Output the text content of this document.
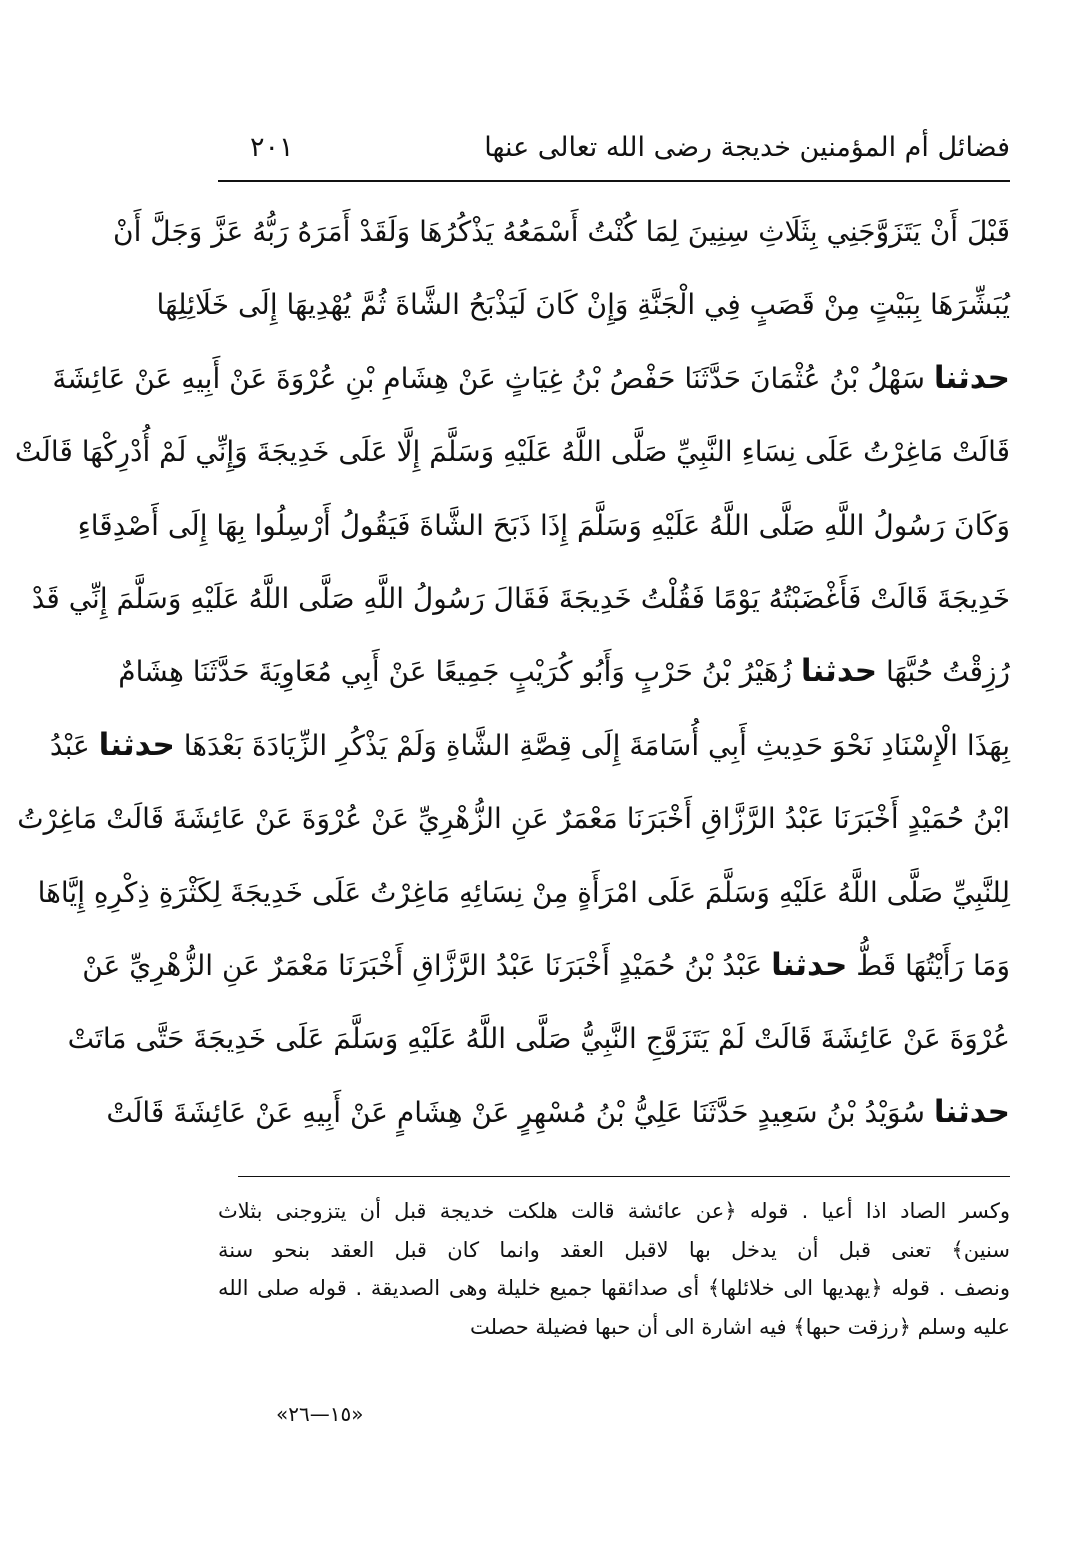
فضائل أم المؤمنين خديجة رضى الله تعالى عنها
٢٠١
قَبْلَ أَنْ يَتَزَوَّجَنِي بِثَلَاثِ سِنِينَ لِمَا كُنْتُ أَسْمَعُهُ يَذْكُرُهَا وَلَقَدْ أَمَرَهُ رَبُّهُ عَزَّ وَجَلَّ أَنْ
يُبَشِّرَهَا بِبَيْتٍ مِنْ قَصَبٍ فِي الْجَنَّةِ وَإِنْ كَانَ لَيَذْبَحُ الشَّاةَ ثُمَّ يُهْدِيهَا إِلَى خَلَائِلِهَا
حدثنا سَهْلُ بْنُ عُثْمَانَ حَدَّثَنَا حَفْصُ بْنُ غِيَاثٍ عَنْ هِشَامِ بْنِ عُرْوَةَ عَنْ أَبِيهِ عَنْ عَائِشَةَ
قَالَتْ مَاغِرْتُ عَلَى نِسَاءِ النَّبِيِّ صَلَّى اللَّهُ عَلَيْهِ وَسَلَّمَ إِلَّا عَلَى خَدِيجَةَ وَإِنِّي لَمْ أُدْرِكْهَا قَالَتْ
وَكَانَ رَسُولُ اللَّهِ صَلَّى اللَّهُ عَلَيْهِ وَسَلَّمَ إِذَا ذَبَحَ الشَّاةَ فَيَقُولُ أَرْسِلُوا بِهَا إِلَى أَصْدِقَاءِ
خَدِيجَةَ قَالَتْ فَأَغْضَبْتُهُ يَوْمًا فَقُلْتُ خَدِيجَةَ فَقَالَ رَسُولُ اللَّهِ صَلَّى اللَّهُ عَلَيْهِ وَسَلَّمَ إِنِّي قَدْ
رُزِقْتُ حُبَّهَا حدثنا زُهَيْرُ بْنُ حَرْبٍ وَأَبُو كُرَيْبٍ جَمِيعًا عَنْ أَبِي مُعَاوِيَةَ حَدَّثَنَا هِشَامٌ
بِهَذَا الْإِسْنَادِ نَحْوَ حَدِيثِ أَبِي أُسَامَةَ إِلَى قِصَّةِ الشَّاةِ وَلَمْ يَذْكُرِ الزِّيَادَةَ بَعْدَهَا حدثنا عَبْدُ
ابْنُ حُمَيْدٍ أَخْبَرَنَا عَبْدُ الرَّزَّاقِ أَخْبَرَنَا مَعْمَرٌ عَنِ الزُّهْرِيِّ عَنْ عُرْوَةَ عَنْ عَائِشَةَ قَالَتْ مَاغِرْتُ
لِلنَّبِيِّ صَلَّى اللَّهُ عَلَيْهِ وَسَلَّمَ عَلَى امْرَأَةٍ مِنْ نِسَائِهِ مَاغِرْتُ عَلَى خَدِيجَةَ لِكَثْرَةِ ذِكْرِهِ إِيَّاهَا
وَمَا رَأَيْتُهَا قَطُّ حدثنا عَبْدُ بْنُ حُمَيْدٍ أَخْبَرَنَا عَبْدُ الرَّزَّاقِ أَخْبَرَنَا مَعْمَرٌ عَنِ الزُّهْرِيِّ عَنْ
عُرْوَةَ عَنْ عَائِشَةَ قَالَتْ لَمْ يَتَزَوَّجِ النَّبِيُّ صَلَّى اللَّهُ عَلَيْهِ وَسَلَّمَ عَلَى خَدِيجَةَ حَتَّى مَاتَتْ
حدثنا سُوَيْدُ بْنُ سَعِيدٍ حَدَّثَنَا عَلِيُّ بْنُ مُسْهِرٍ عَنْ هِشَامٍ عَنْ أَبِيهِ عَنْ عَائِشَةَ قَالَتْ
وكسر الصاد اذا أعيا . قوله ﴿عن عائشة قالت هلكت خديجة قبل أن يتزوجنى بثلاث
سنين﴾ تعنى قبل أن يدخل بها لاقبل العقد وانما كان قبل العقد بنحو سنة
ونصف . قوله ﴿يهديها الى خلائلها﴾ أى صدائقها جميع خليلة وهى الصديقة . قوله صلى الله
عليه وسلم ﴿رزقت حبها﴾ فيه اشارة الى أن حبها فضيلة حصلت
«١٥—٢٦»
